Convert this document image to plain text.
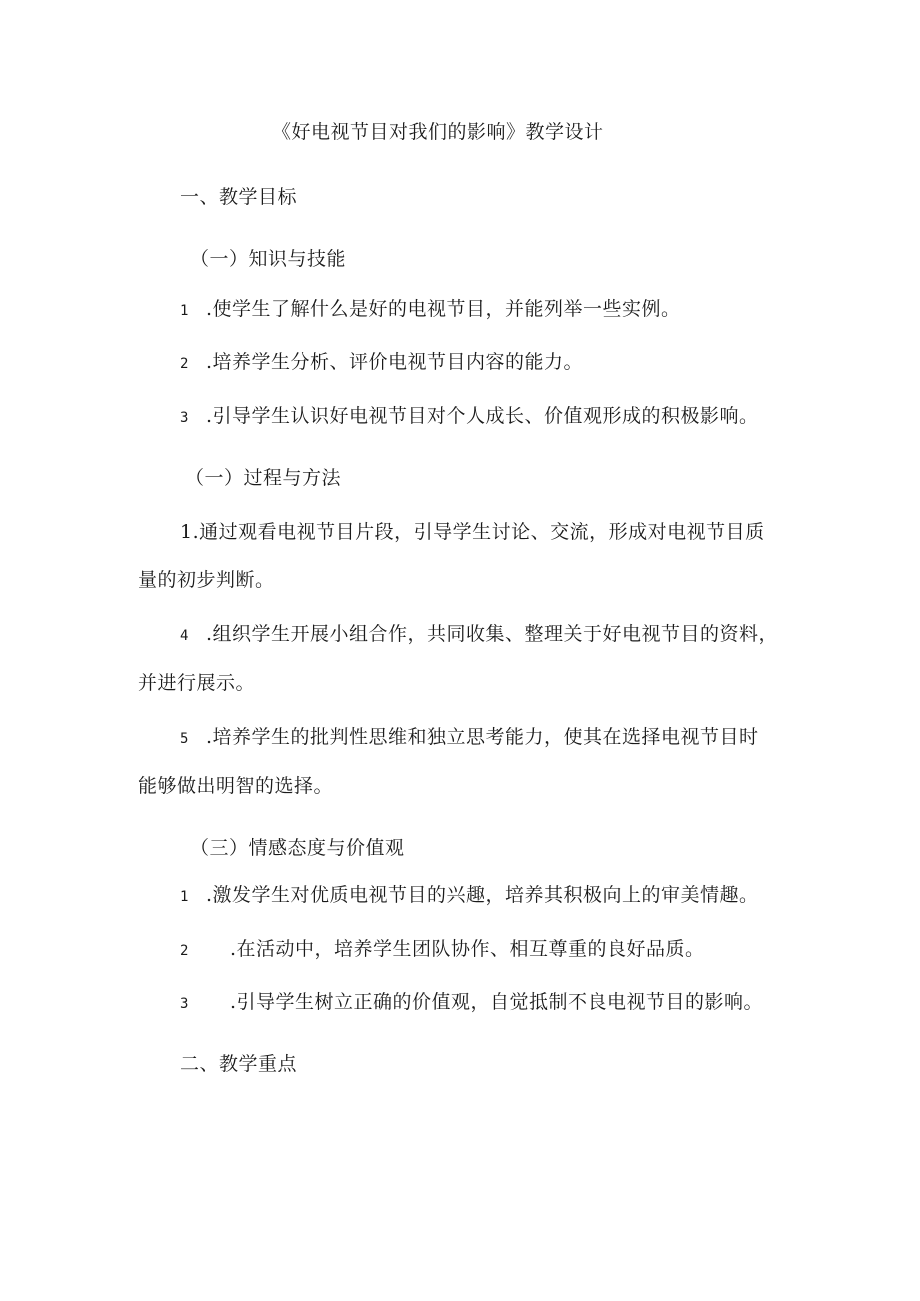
《好电视节目对我们的影响》教学设计
一、教学目标
（一）知识与技能
1 .使学生了解什么是好的电视节目，并能列举一些实例。
2 .培养学生分析、评价电视节目内容的能力。
3 .引导学生认识好电视节目对个人成长、价值观形成的积极影响。
（一）过程与方法
1.通过观看电视节目片段，引导学生讨论、交流，形成对电视节目质
量的初步判断。
4 .组织学生开展小组合作，共同收集、整理关于好电视节目的资料，
并进行展示。
5 .培养学生的批判性思维和独立思考能力，使其在选择电视节目时
能够做出明智的选择。
（三）情感态度与价值观
1 .激发学生对优质电视节目的兴趣，培养其积极向上的审美情趣。
2 .在活动中，培养学生团队协作、相互尊重的良好品质。
3 .引导学生树立正确的价值观，自觉抵制不良电视节目的影响。
二、教学重点
